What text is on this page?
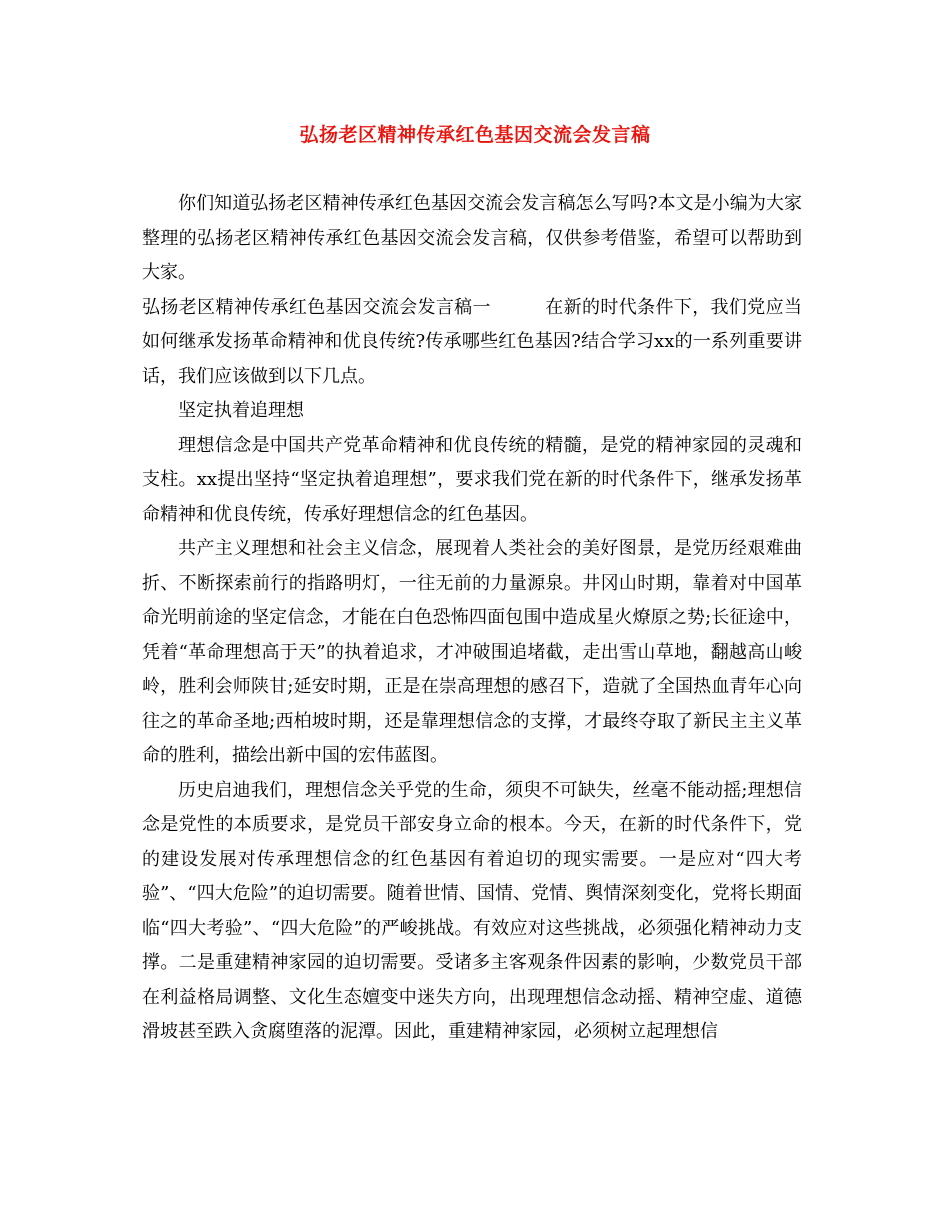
弘扬老区精神传承红色基因交流会发言稿

你们知道弘扬老区精神传承红色基因交流会发言稿怎么写吗?本文是小编为大家整理的弘扬老区精神传承红色基因交流会发言稿，仅供参考借鉴，希望可以帮助到大家。

弘扬老区精神传承红色基因交流会发言稿一	在新的时代条件下，我们党应当如何继承发扬革命精神和优良传统?传承哪些红色基因?结合学习xx的一系列重要讲话，我们应该做到以下几点。

坚定执着追理想

理想信念是中国共产党革命精神和优良传统的精髓，是党的精神家园的灵魂和支柱。xx提出坚持“坚定执着追理想”，要求我们党在新的时代条件下，继承发扬革命精神和优良传统，传承好理想信念的红色基因。

共产主义理想和社会主义信念，展现着人类社会的美好图景，是党历经艰难曲折、不断探索前行的指路明灯，一往无前的力量源泉。井冈山时期，靠着对中国革命光明前途的坚定信念，才能在白色恐怖四面包围中造成星火燎原之势;长征途中，凭着“革命理想高于天”的执着追求，才冲破围追堵截，走出雪山草地，翻越高山峻岭，胜利会师陕甘;延安时期，正是在崇高理想的感召下，造就了全国热血青年心向往之的革命圣地;西柏坡时期，还是靠理想信念的支撑，才最终夺取了新民主主义革命的胜利，描绘出新中国的宏伟蓝图。

历史启迪我们，理想信念关乎党的生命，须臾不可缺失，丝毫不能动摇;理想信念是党性的本质要求，是党员干部安身立命的根本。今天，在新的时代条件下，党的建设发展对传承理想信念的红色基因有着迫切的现实需要。一是应对“四大考验”、“四大危险”的迫切需要。随着世情、国情、党情、舆情深刻变化，党将长期面临“四大考验”、“四大危险”的严峻挑战。有效应对这些挑战，必须强化精神动力支撑。二是重建精神家园的迫切需要。受诸多主客观条件因素的影响，少数党员干部在利益格局调整、文化生态嬗变中迷失方向，出现理想信念动摇、精神空虚、道德滑坡甚至跌入贪腐堕落的泥潭。因此，重建精神家园，必须树立起理想信
